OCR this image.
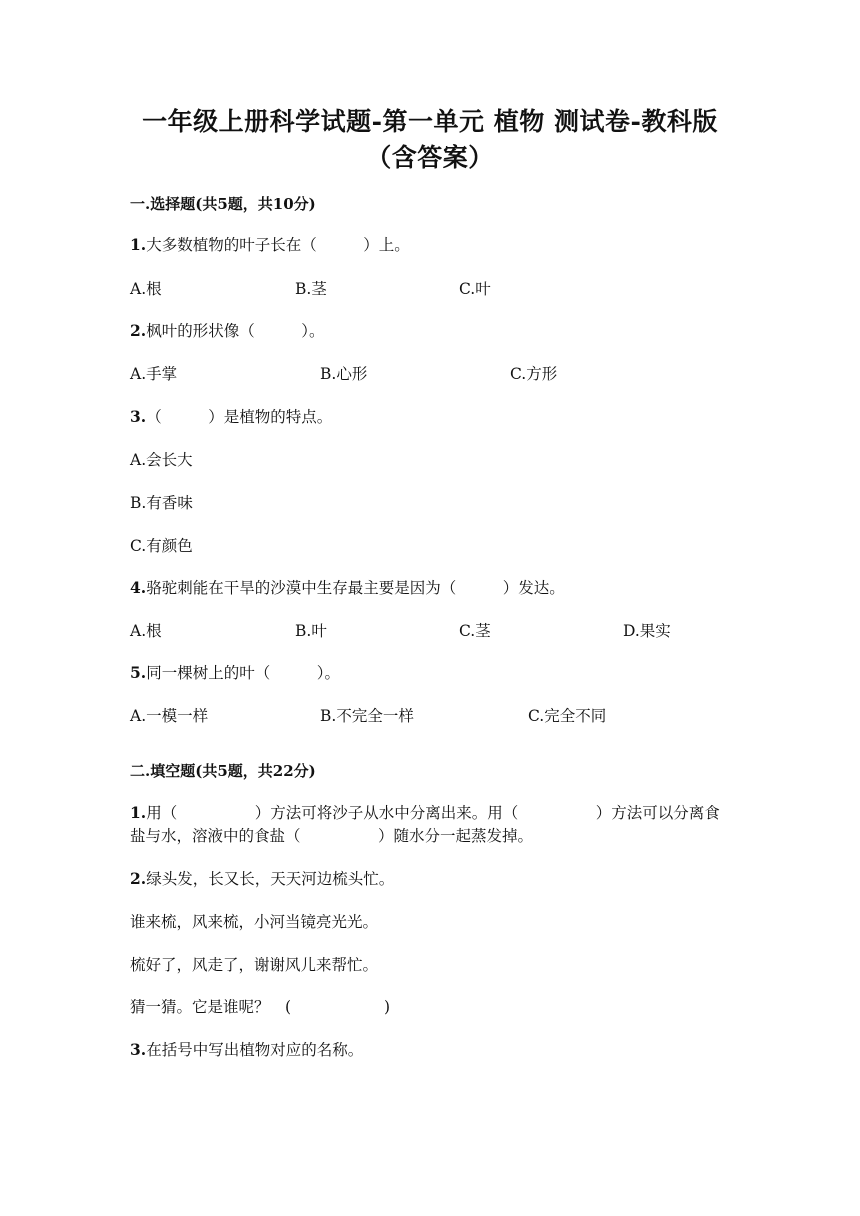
一年级上册科学试题-第一单元 植物 测试卷-教科版（含答案）
一.选择题(共5题，共10分)
1.大多数植物的叶子长在（　　　）上。
A.根	B.茎	C.叶
2.枫叶的形状像（　　　）。
A.手掌	B.心形	C.方形
3.（　　　）是植物的特点。
A.会长大
B.有香味
C.有颜色
4.骆驼刺能在干旱的沙漠中生存最主要是因为（　　　）发达。
A.根	B.叶	C.茎	D.果实
5.同一棵树上的叶（　　　）。
A.一模一样	B.不完全一样	C.完全不同
二.填空题(共5题，共22分)
1.用（　　　　　）方法可将沙子从水中分离出来。用（　　　　　）方法可以分离食盐与水，溶液中的食盐（　　　　　）随水分一起蒸发掉。
2.绿头发，长又长，天天河边梳头忙。
谁来梳，风来梳，小河当镜亮光光。
梳好了，风走了，谢谢风儿来帮忙。
猜一猜。它是谁呢？　(　　　　　　)
3.在括号中写出植物对应的名称。
